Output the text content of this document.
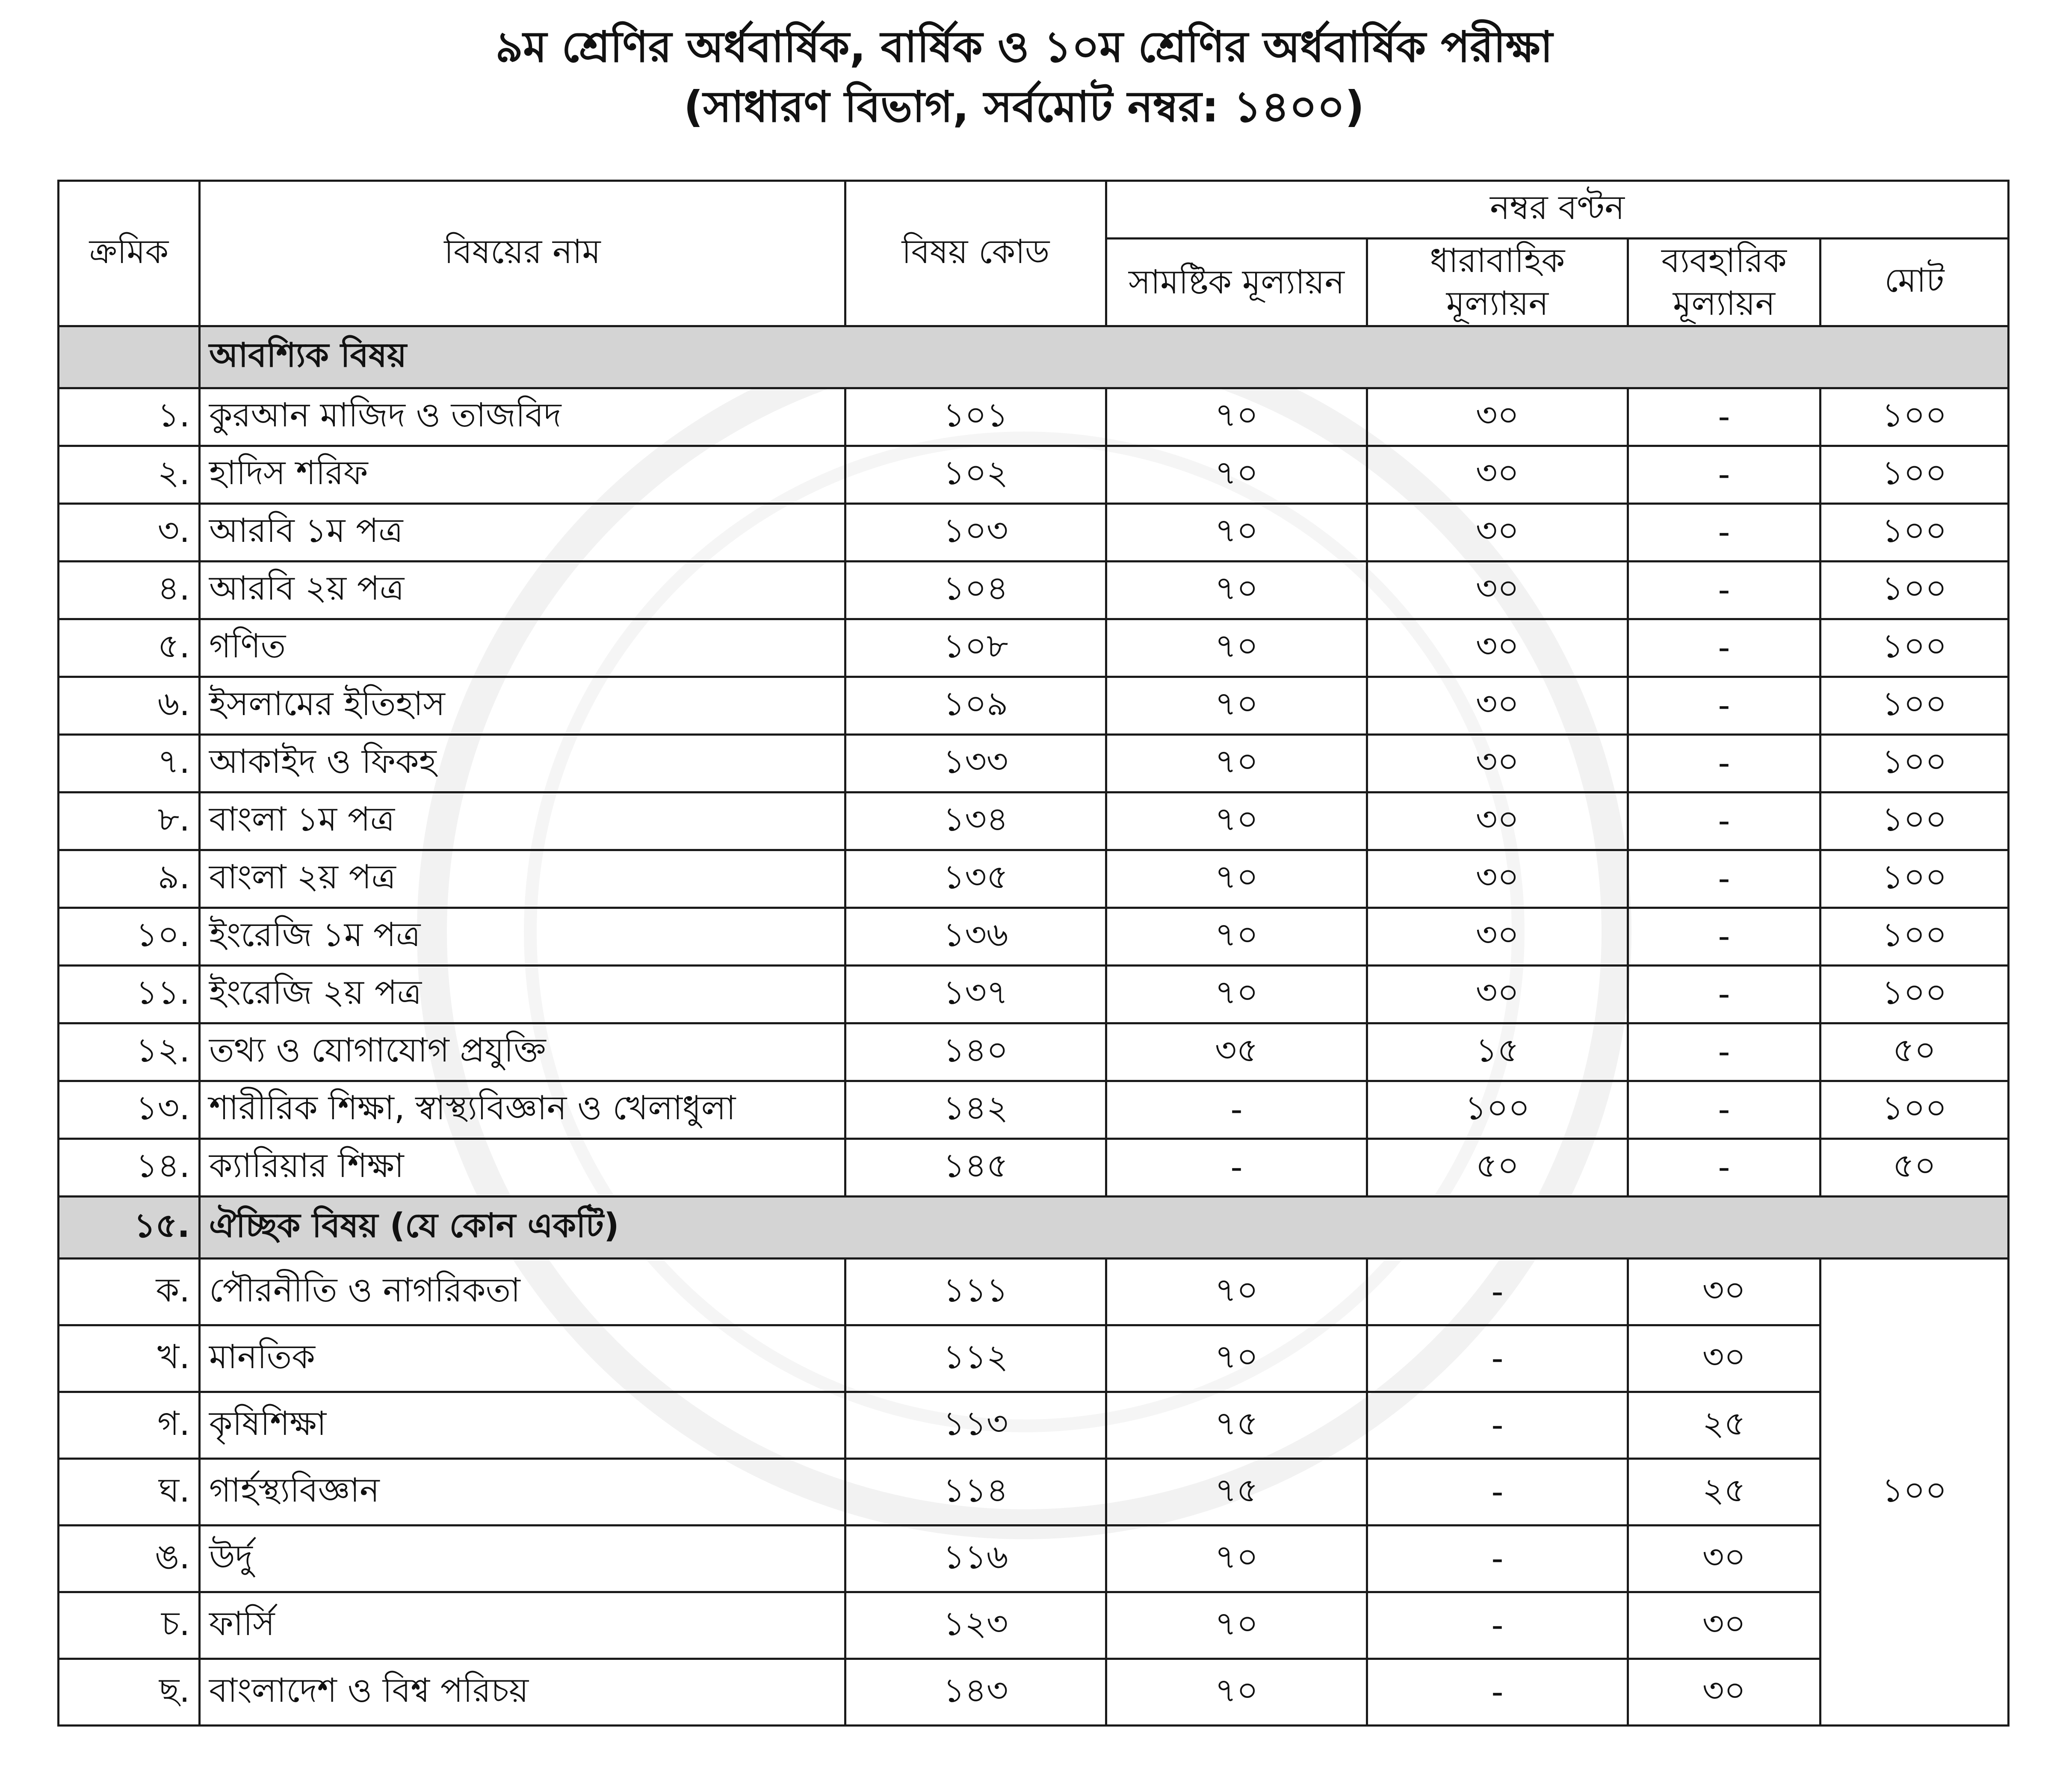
৯ম শ্রেণির অর্ধবার্ষিক, বার্ষিক ও ১০ম শ্রেণির অর্ধবার্ষিক পরীক্ষা
(সাধারণ বিভাগ, সর্বমোট নম্বর: ১৪০০)
ক্রমিক	বিষয়ের নাম	বিষয় কোড	নম্বর বণ্টন			
			সামষ্টিক মূল্যায়ন	ধারাবাহিক মূল্যায়ন	ব্যবহারিক মূল্যায়ন	মোট
	আবশ্যিক বিষয়					
১.	কুরআন মাজিদ ও তাজবিদ	১০১	৭০	৩০	-	১০০
২.	হাদিস শরিফ	১০২	৭০	৩০	-	১০০
৩.	আরবি ১ম পত্র	১০৩	৭০	৩০	-	১০০
৪.	আরবি ২য় পত্র	১০৪	৭০	৩০	-	১০০
৫.	গণিত	১০৮	৭০	৩০	-	১০০
৬.	ইসলামের ইতিহাস	১০৯	৭০	৩০	-	১০০
৭.	আকাইদ ও ফিকহ	১৩৩	৭০	৩০	-	১০০
৮.	বাংলা ১ম পত্র	১৩৪	৭০	৩০	-	১০০
৯.	বাংলা ২য় পত্র	১৩৫	৭০	৩০	-	১০০
১০.	ইংরেজি ১ম পত্র	১৩৬	৭০	৩০	-	১০০
১১.	ইংরেজি ২য় পত্র	১৩৭	৭০	৩০	-	১০০
১২.	তথ্য ও যোগাযোগ প্রযুক্তি	১৪০	৩৫	১৫	-	৫০
১৩.	শারীরিক শিক্ষা, স্বাস্থ্যবিজ্ঞান ও খেলাধুলা	১৪২	-	১০০	-	১০০
১৪.	ক্যারিয়ার শিক্ষা	১৪৫	-	৫০	-	৫০
১৫.	ঐচ্ছিক বিষয় (যে কোন একটি)					
ক.	পৌরনীতি ও নাগরিকতা	১১১	৭০	-	৩০	১০০
খ.	মানতিক	১১২	৭০	-	৩০	
গ.	কৃষিশিক্ষা	১১৩	৭৫	-	২৫	
ঘ.	গার্হস্থ্যবিজ্ঞান	১১৪	৭৫	-	২৫	
ঙ.	উর্দু	১১৬	৭০	-	৩০	
চ.	ফার্সি	১২৩	৭০	-	৩০	
ছ.	বাংলাদেশ ও বিশ্ব পরিচয়	১৪৩	৭০	-	৩০	
